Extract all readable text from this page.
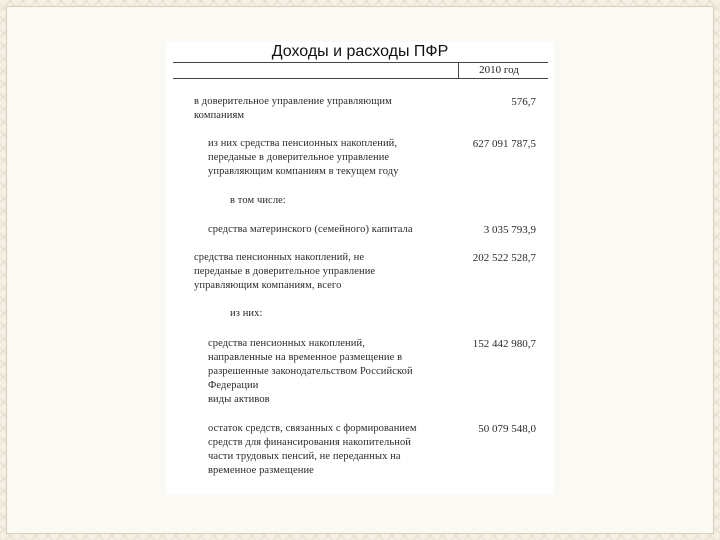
Доходы и расходы ПФР
2010 год
в доверительное управление управляющим
компаниям
576,7
из них средства пенсионных накоплений,
переданые в доверительное управление
управляющим компаниям в текущем году
627 091 787,5
в том числе:
средства материнского (семейного) капитала	3 035 793,9
средства пенсионных накоплений, не
переданые в доверительное управление
управляющим компаниям, всего
202 522 528,7
из них:
средства пенсионных накоплений,
направленные на временное размещение в
разрешенные законодательством Российской
Федерации
виды активов
152 442 980,7
остаток средств, связанных с формированием
средств для финансирования накопительной
части трудовых пенсий, не переданных на
временное размещение
50 079 548,0
